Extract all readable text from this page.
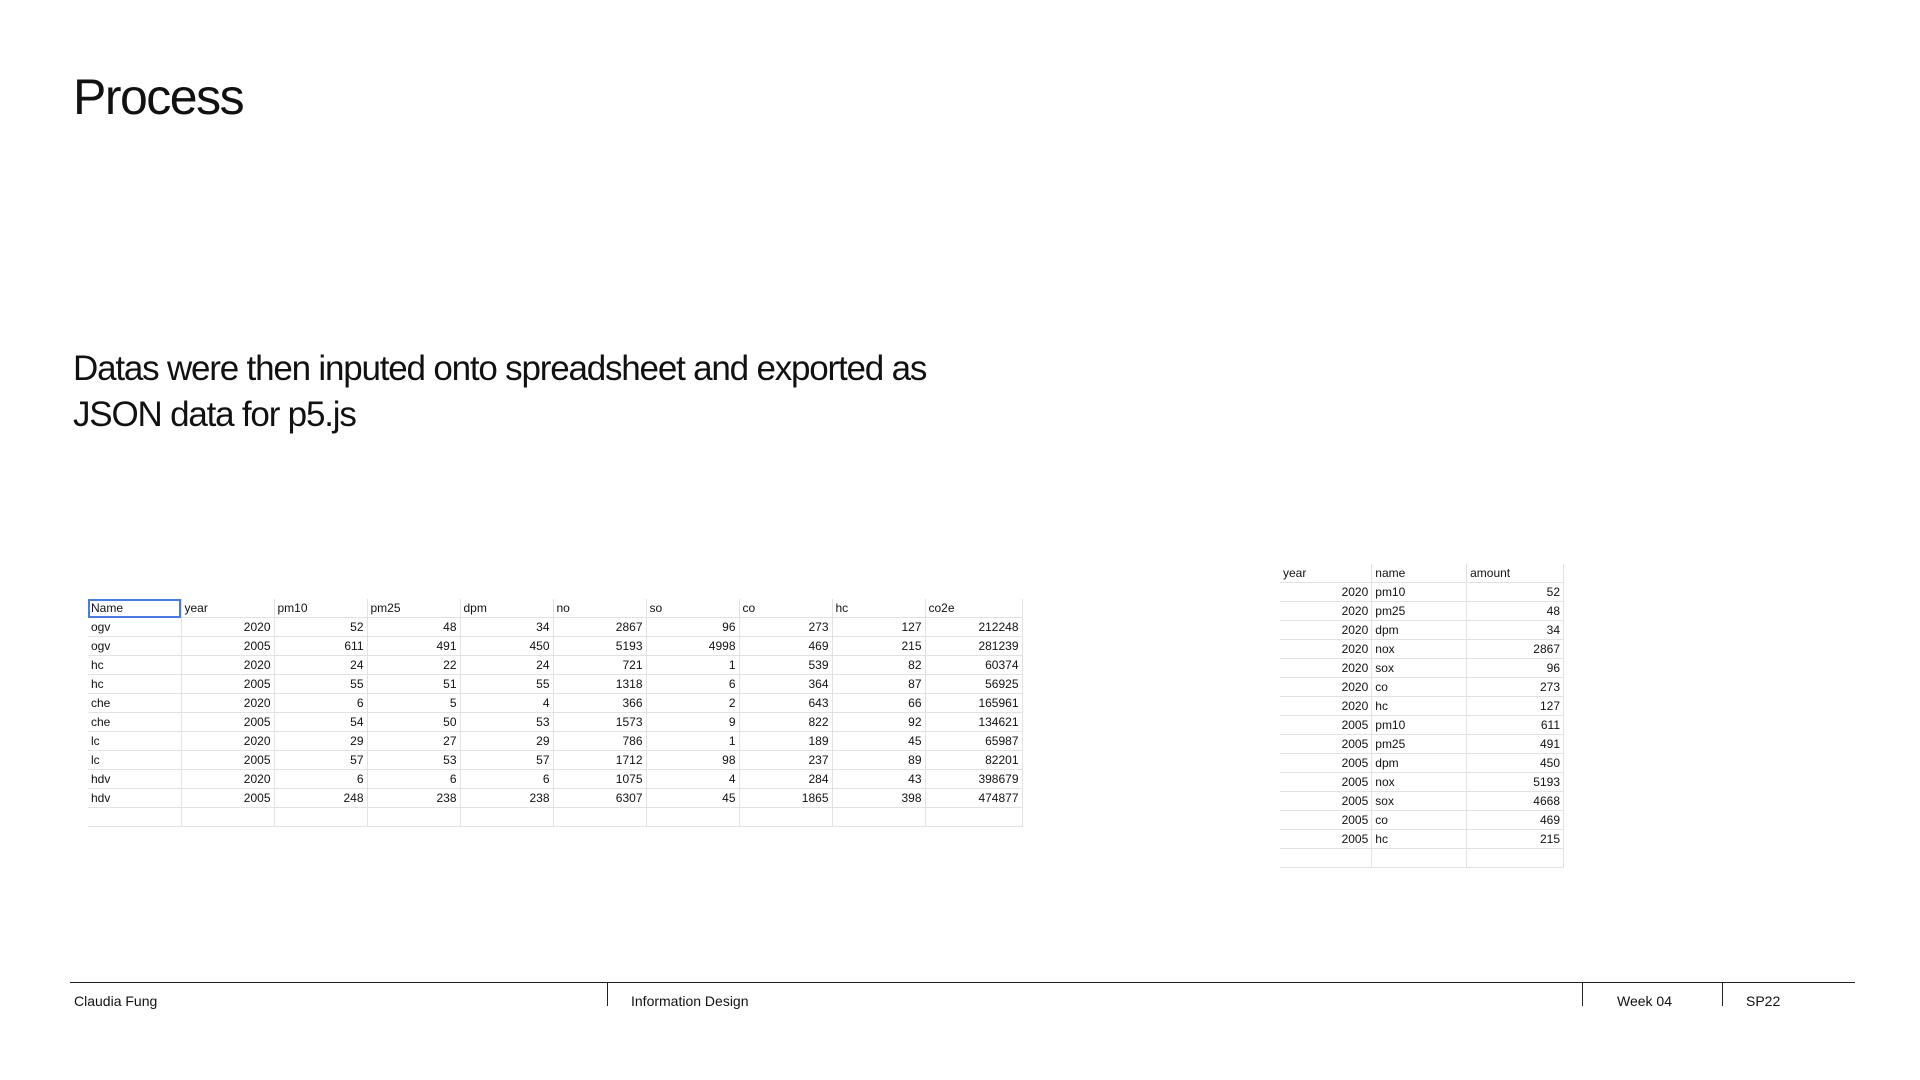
Process
Datas were then inputed onto spreadsheet and exported as
JSON data for p5.js
Name	year	pm10	pm25	dpm	no	so	co	hc	co2e
ogv	2020	52	48	34	2867	96	273	127	212248
ogv	2005	611	491	450	5193	4998	469	215	281239
hc	2020	24	22	24	721	1	539	82	60374
hc	2005	55	51	55	1318	6	364	87	56925
che	2020	6	5	4	366	2	643	66	165961
che	2005	54	50	53	1573	9	822	92	134621
lc	2020	29	27	29	786	1	189	45	65987
lc	2005	57	53	57	1712	98	237	89	82201
hdv	2020	6	6	6	1075	4	284	43	398679
hdv	2005	248	238	238	6307	45	1865	398	474877

year	name	amount
2020	pm10	52
2020	pm25	48
2020	dpm	34
2020	nox	2867
2020	sox	96
2020	co	273
2020	hc	127
2005	pm10	611
2005	pm25	491
2005	dpm	450
2005	nox	5193
2005	sox	4668
2005	co	469
2005	hc	215

Claudia Fung	Information Design	Week 04	SP22
